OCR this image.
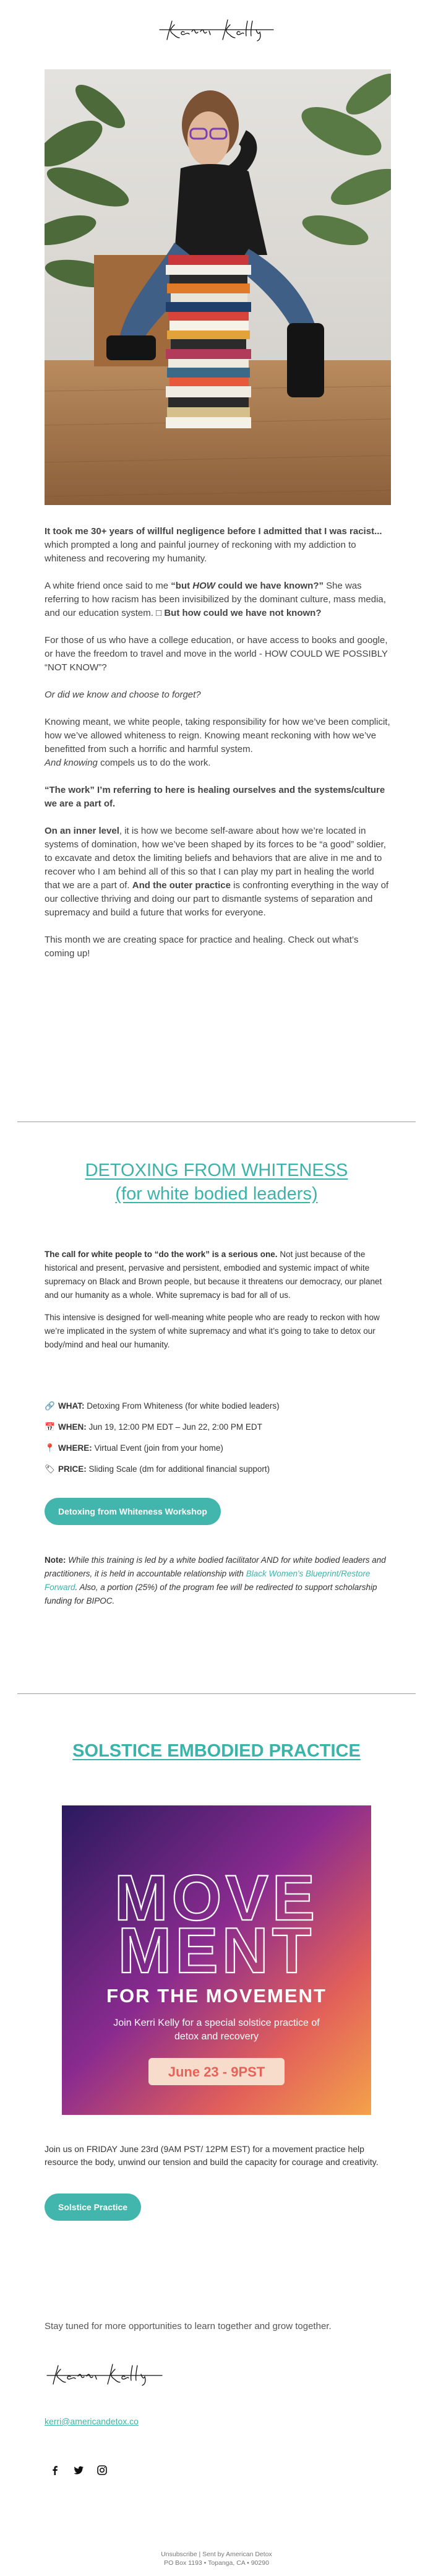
It took me 30+ years of willful negligence before I admitted that I was racist... which prompted a long and painful journey of reckoning with my addiction to whiteness and recovering my humanity.

A white friend once said to me “but HOW could we have known?” She was referring to how racism has been invisibilized by the dominant culture, mass media, and our education system. □ But how could we have not known?

For those of us who have a college education, or have access to books and google, or have the freedom to travel and move in the world - HOW COULD WE POSSIBLY “NOT KNOW”?

Or did we know and choose to forget?

Knowing meant, we white people, taking responsibility for how we’ve been complicit, how we’ve allowed whiteness to reign. Knowing meant reckoning with how we’ve benefitted from such a horrific and harmful system.
And knowing compels us to do the work.

“The work” I’m referring to here is healing ourselves and the systems/culture we are a part of.

On an inner level, it is how we become self-aware about how we’re located in systems of domination, how we’ve been shaped by its forces to be “a good” soldier, to excavate and detox the limiting beliefs and behaviors that are alive in me and to recover who I am behind all of this so that I can play my part in healing the world that we are a part of. And the outer practice is confronting everything in the way of our collective thriving and doing our part to dismantle systems of separation and supremacy and build a future that works for everyone.

This month we are creating space for practice and healing. Check out what’s coming up!

DETOXING FROM WHITENESS
(for white bodied leaders)

The call for white people to “do the work” is a serious one. Not just because of the historical and present, pervasive and persistent, embodied and systemic impact of white supremacy on Black and Brown people, but because it threatens our democracy, our planet and our humanity as a whole. White supremacy is bad for all of us.

This intensive is designed for well-meaning white people who are ready to reckon with how we’re implicated in the system of white supremacy and what it’s going to take to detox our body/mind and heal our humanity.

🔗 WHAT: Detoxing From Whiteness (for white bodied leaders)
📅 WHEN: Jun 19, 12:00 PM EDT – Jun 22, 2:00 PM EDT
📍 WHERE: Virtual Event (join from your home)
🏷 PRICE: Sliding Scale (dm for additional financial support)
Detoxing from Whiteness Workshop
Note: While this training is led by a white bodied facilitator AND for white bodied leaders and practitioners, it is held in accountable relationship with Black Women's Blueprint/Restore Forward. Also, a portion (25%) of the program fee will be redirected to support scholarship funding for BIPOC.
SOLSTICE EMBODIED PRACTICE
MOVE
MENT
FOR THE MOVEMENT
Join Kerri Kelly for a special solstice practice of
detox and recovery
June 23 - 9PST
Join us on FRIDAY June 23rd (9AM PST/ 12PM EST) for a movement practice help resource the body, unwind our tension and build the capacity for courage and creativity.
Solstice Practice
Stay tuned for more opportunities to learn together and grow together.
kerri@americandetox.co
Unsubscribe | Sent by American Detox
PO Box 1193 • Topanga, CA • 90290
